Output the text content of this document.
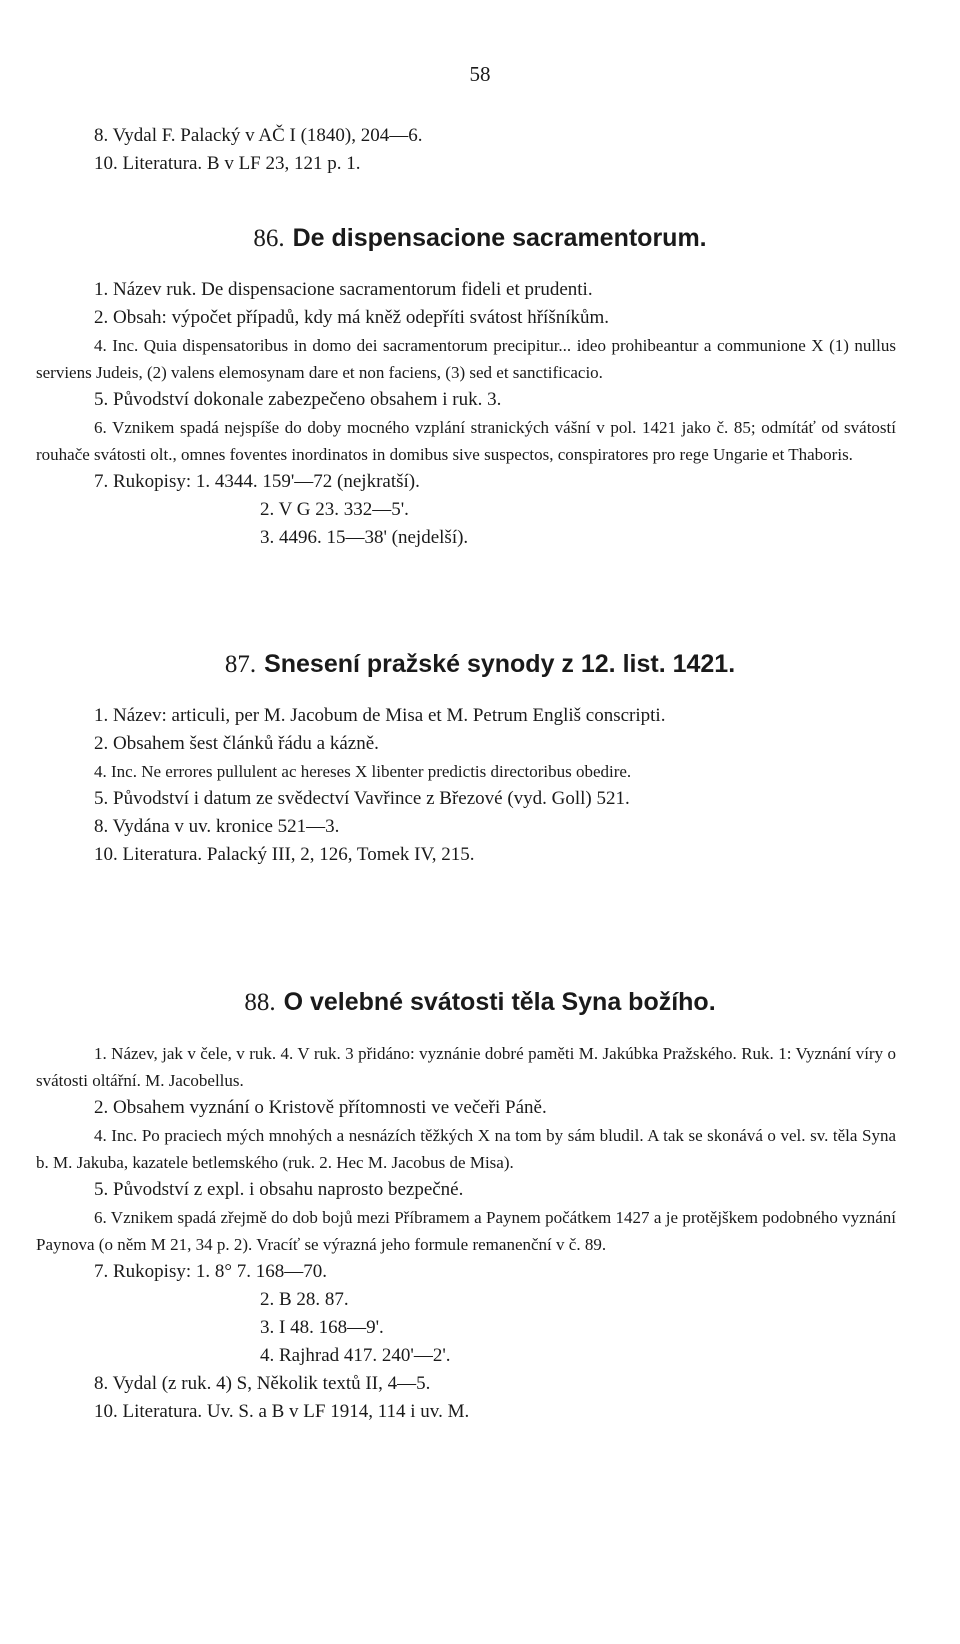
58
8. Vydal F. Palacký v AČ I (1840), 204—6.
10. Literatura. B v LF 23, 121 p. 1.
86. De dispensacione sacramentorum.
1. Název ruk. De dispensacione sacramentorum fideli et prudenti.
2. Obsah: výpočet případů, kdy má kněž odepříti svátost hříšníkům.
4. Inc. Quia dispensatoribus in domo dei sacramentorum precipitur... ideo prohibeantur a communione X (1) nullus serviens Judeis, (2) valens elemosynam dare et non faciens, (3) sed et sanctificacio.
5. Původství dokonale zabezpečeno obsahem i ruk. 3.
6. Vznikem spadá nejspíše do doby mocného vzplání stranických vášní v pol. 1421 jako č. 85; odmítáť od svátostí rouhače svátosti olt., omnes foventes inordinatos in domibus sive suspectos, conspiratores pro rege Ungarie et Thaboris.
7. Rukopisy: 1. 4344. 159'—72 (nejkratší).
2. V G 23. 332—5'.
3. 4496. 15—38' (nejdelší).
87. Snesení pražské synody z 12. list. 1421.
1. Název: articuli, per M. Jacobum de Misa et M. Petrum Engliš conscripti.
2. Obsahem šest článků řádu a kázně.
4. Inc. Ne errores pullulent ac hereses X libenter predictis directoribus obedire.
5. Původství i datum ze svědectví Vavřince z Březové (vyd. Goll) 521.
8. Vydána v uv. kronice 521—3.
10. Literatura. Palacký III, 2, 126, Tomek IV, 215.
88. O velebné svátosti těla Syna božího.
1. Název, jak v čele, v ruk. 4. V ruk. 3 přidáno: vyznánie dobré paměti M. Jakúbka Pražského. Ruk. 1: Vyznání víry o svátosti oltářní. M. Jacobellus.
2. Obsahem vyznání o Kristově přítomnosti ve večeři Páně.
4. Inc. Po praciech mých mnohých a nesnázích těžkých X na tom by sám bludil. A tak se skonává o vel. sv. těla Syna b. M. Jakuba, kazatele betlemského (ruk. 2. Hec M. Jacobus de Misa).
5. Původství z expl. i obsahu naprosto bezpečné.
6. Vznikem spadá zřejmě do dob bojů mezi Příbramem a Paynem počátkem 1427 a je protějškem podobného vyznání Paynova (o něm M 21, 34 p. 2). Vracíť se výrazná jeho formule remanenční v č. 89.
7. Rukopisy: 1. 8° 7. 168—70.
2. B 28. 87.
3. I 48. 168—9'.
4. Rajhrad 417. 240'—2'.
8. Vydal (z ruk. 4) S, Několik textů II, 4—5.
10. Literatura. Uv. S. a B v LF 1914, 114 i uv. M.
